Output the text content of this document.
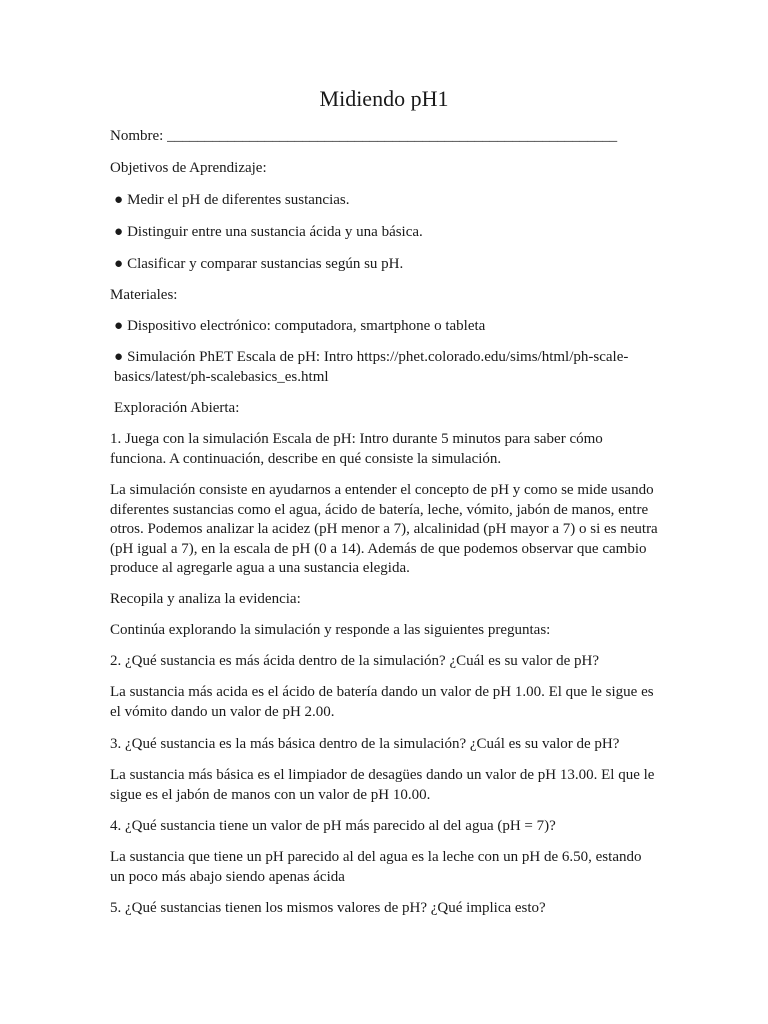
Midiendo pH1

Nombre: ____________________________________________________________

Objetivos de Aprendizaje:

● Medir el pH de diferentes sustancias.

● Distinguir entre una sustancia ácida y una básica.

● Clasificar y comparar sustancias según su pH.

Materiales:

● Dispositivo electrónico: computadora, smartphone o tableta

● Simulación PhET Escala de pH: Intro https://phet.colorado.edu/sims/html/ph-scale-basics/latest/ph-scalebasics_es.html

Exploración Abierta:

1. Juega con la simulación Escala de pH: Intro durante 5 minutos para saber cómo funciona. A continuación, describe en qué consiste la simulación.

La simulación consiste en ayudarnos a entender el concepto de pH y como se mide usando diferentes sustancias como el agua, ácido de batería, leche, vómito, jabón de manos, entre otros. Podemos analizar la acidez (pH menor a 7), alcalinidad (pH mayor a 7) o si es neutra (pH igual a 7), en la escala de pH (0 a 14). Además de que podemos observar que cambio produce al agregarle agua a una sustancia elegida.

Recopila y analiza la evidencia:

Continúa explorando la simulación y responde a las siguientes preguntas:

2. ¿Qué sustancia es más ácida dentro de la simulación? ¿Cuál es su valor de pH?

La sustancia más acida es el ácido de batería dando un valor de pH 1.00. El que le sigue es el vómito dando un valor de pH 2.00.

3. ¿Qué sustancia es la más básica dentro de la simulación? ¿Cuál es su valor de pH?

La sustancia más básica es el limpiador de desagües dando un valor de pH 13.00. El que le sigue es el jabón de manos con un valor de pH 10.00.

4. ¿Qué sustancia tiene un valor de pH más parecido al del agua (pH = 7)?

La sustancia que tiene un pH parecido al del agua es la leche con un pH de 6.50, estando un poco más abajo siendo apenas ácida

5. ¿Qué sustancias tienen los mismos valores de pH? ¿Qué implica esto?
